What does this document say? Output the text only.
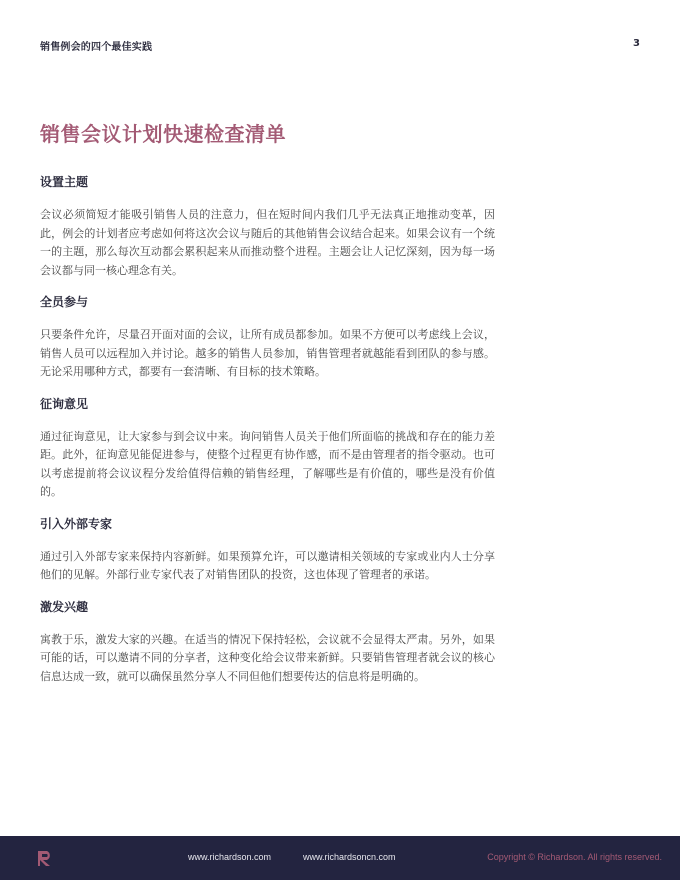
销售例会的四个最佳实践	3
销售会议计划快速检查清单
设置主题

会议必须简短才能吸引销售人员的注意力，但在短时间内我们几乎无法真正地推动变革，因此，例会的计划者应考虑如何将这次会议与随后的其他销售会议结合起来。如果会议有一个统一的主题，那么每次互动都会累积起来从而推动整个进程。主题会让人记忆深刻，因为每一场会议都与同一核心理念有关。

全员参与

只要条件允许，尽量召开面对面的会议，让所有成员都参加。如果不方便可以考虑线上会议，销售人员可以远程加入并讨论。越多的销售人员参加，销售管理者就越能看到团队的参与感。无论采用哪种方式，都要有一套清晰、有目标的技术策略。

征询意见

通过征询意见，让大家参与到会议中来。询问销售人员关于他们所面临的挑战和存在的能力差距。此外，征询意见能促进参与，使整个过程更有协作感，而不是由管理者的指令驱动。也可以考虑提前将会议议程分发给值得信赖的销售经理，了解哪些是有价值的，哪些是没有价值的。

引入外部专家

通过引入外部专家来保持内容新鲜。如果预算允许，可以邀请相关领域的专家或业内人士分享他们的见解。外部行业专家代表了对销售团队的投资，这也体现了管理者的承诺。

激发兴趣

寓教于乐，激发大家的兴趣。在适当的情况下保持轻松，会议就不会显得太严肃。另外，如果可能的话，可以邀请不同的分享者，这种变化给会议带来新鲜。只要销售管理者就会议的核心信息达成一致，就可以确保虽然分享人不同但他们想要传达的信息将是明确的。

www.richardson.com	www.richardsoncn.com	Copyright © Richardson. All rights reserved.
